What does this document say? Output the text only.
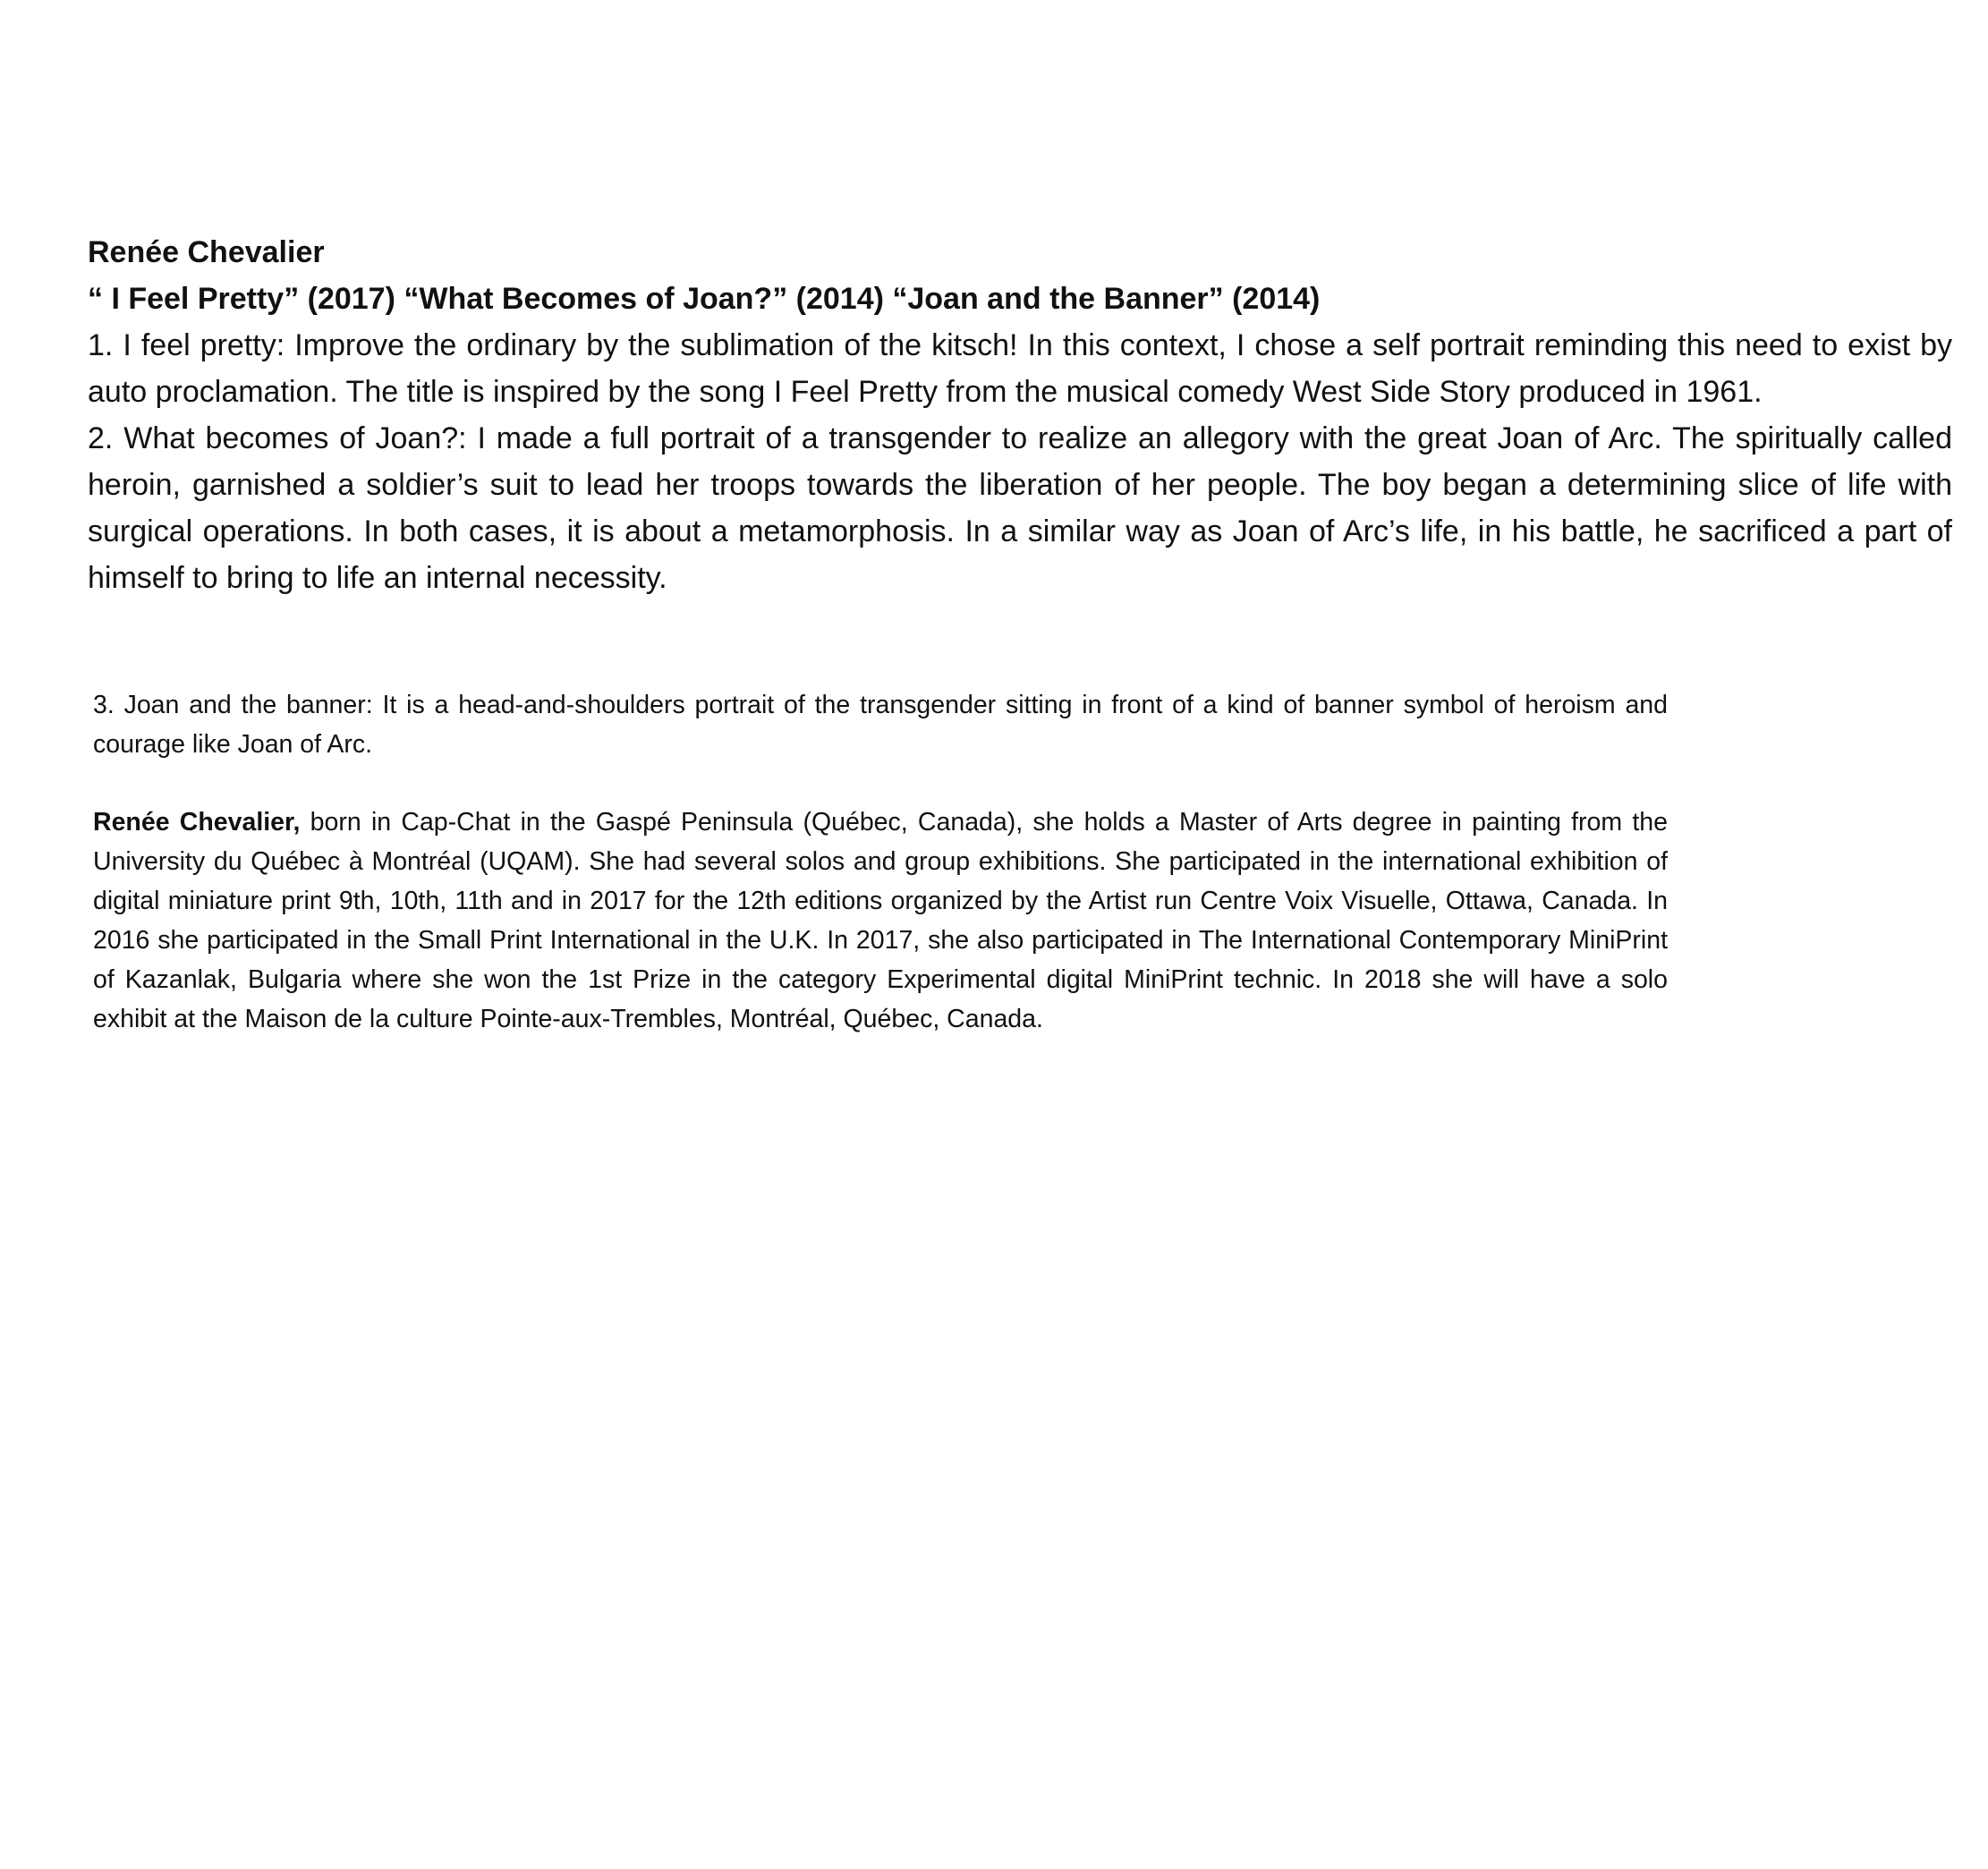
Renée Chevalier

“ I Feel Pretty” (2017) “What Becomes of Joan?” (2014) “Joan and the Banner” (2014)

1. I feel pretty: Improve the ordinary by the sublimation of the kitsch! In this context, I chose a self portrait reminding this need to exist by auto proclamation. The title is inspired by the song I Feel Pretty from the musical comedy West Side Story produced in 1961.

2. What becomes of Joan?: I made a full portrait of a transgender to realize an allegory with the great Joan of Arc. The spiritually called heroin, garnished a soldier’s suit to lead her troops towards the liberation of her people. The boy began a determining slice of life with surgical operations. In both cases, it is about a metamorphosis. In a similar way as Joan of Arc’s life, in his battle, he sacrificed a part of himself to bring to life an internal necessity.

3. Joan and the banner: It is a head-and-shoulders portrait of the transgender sitting in front of a kind of banner symbol of heroism and courage like Joan of Arc.

Renée Chevalier, born in Cap-Chat in the Gaspé Peninsula (Québec, Canada), she holds a Master of Arts degree in painting from the University du Québec à Montréal (UQAM). She had several solos and group exhibitions. She participated in the international exhibition of digital miniature print 9th, 10th, 11th and in 2017 for the 12th editions organized by the Artist run Centre Voix Visuelle, Ottawa, Canada. In 2016 she participated in the Small Print International in the U.K. In 2017, she also participated in The International Contemporary MiniPrint of Kazanlak, Bulgaria where she won the 1st Prize in the category Experimental digital MiniPrint technic. In 2018 she will have a solo exhibit at the Maison de la culture Pointe-aux-Trembles, Montréal, Québec, Canada.
